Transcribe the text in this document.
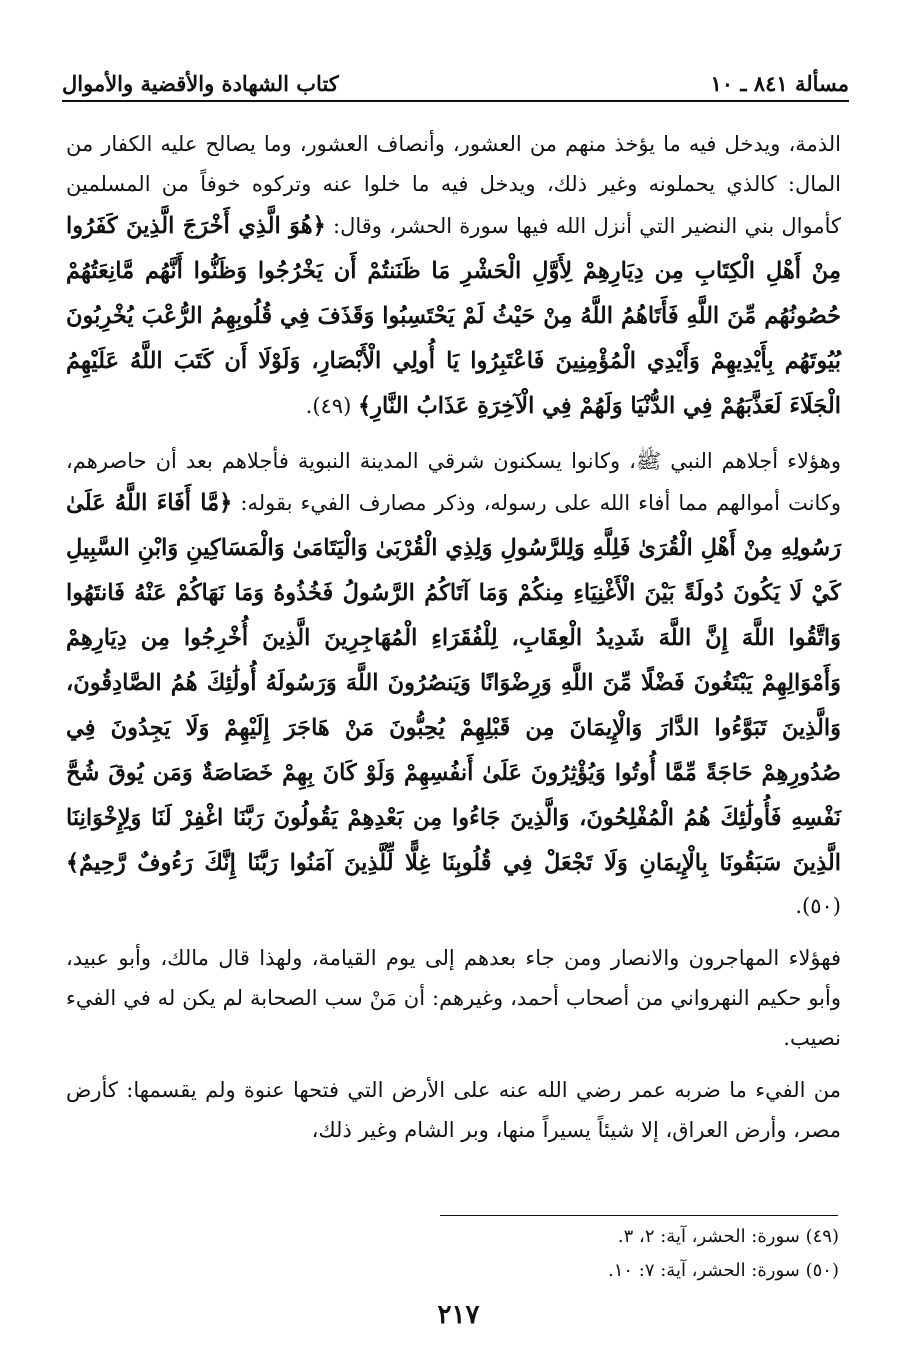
مسألة ٨٤١ ـ ١٠
كتاب الشهادة والأقضية والأموال

الذمة، ويدخل فيه ما يؤخذ منهم من العشور، وأنصاف العشور، وما يصالح عليه الكفار من المال: كالذي يحملونه وغير ذلك، ويدخل فيه ما خلوا عنه وتركوه خوفاً من المسلمين كأموال بني النضير التي أنزل الله فيها سورة الحشر، وقال: ﴿هُوَ الَّذِي أَخْرَجَ الَّذِينَ كَفَرُوا مِنْ أَهْلِ الْكِتَابِ مِن دِيَارِهِمْ لِأَوَّلِ الْحَشْرِ مَا ظَنَنتُمْ أَن يَخْرُجُوا وَظَنُّوا أَنَّهُم مَّانِعَتُهُمْ حُصُونُهُم مِّنَ اللَّهِ فَأَتَاهُمُ اللَّهُ مِنْ حَيْثُ لَمْ يَحْتَسِبُوا وَقَذَفَ فِي قُلُوبِهِمُ الرُّعْبَ يُخْرِبُونَ بُيُوتَهُم بِأَيْدِيهِمْ وَأَيْدِي الْمُؤْمِنِينَ فَاعْتَبِرُوا يَا أُولِي الْأَبْصَارِ، وَلَوْلَا أَن كَتَبَ اللَّهُ عَلَيْهِمُ الْجَلَاءَ لَعَذَّبَهُمْ فِي الدُّنْيَا وَلَهُمْ فِي الْآخِرَةِ عَذَابُ النَّارِ﴾ (٤٩).

وهؤلاء أجلاهم النبي ﷺ، وكانوا يسكنون شرقي المدينة النبوية فأجلاهم بعد أن حاصرهم، وكانت أموالهم مما أفاء الله على رسوله، وذكر مصارف الفيء بقوله: ﴿مَّا أَفَاءَ اللَّهُ عَلَىٰ رَسُولِهِ مِنْ أَهْلِ الْقُرَىٰ فَلِلَّهِ وَلِلرَّسُولِ وَلِذِي الْقُرْبَىٰ وَالْيَتَامَىٰ وَالْمَسَاكِينِ وَابْنِ السَّبِيلِ كَيْ لَا يَكُونَ دُولَةً بَيْنَ الْأَغْنِيَاءِ مِنكُمْ وَمَا آتَاكُمُ الرَّسُولُ فَخُذُوهُ وَمَا نَهَاكُمْ عَنْهُ فَانتَهُوا وَاتَّقُوا اللَّهَ إِنَّ اللَّهَ شَدِيدُ الْعِقَابِ، لِلْفُقَرَاءِ الْمُهَاجِرِينَ الَّذِينَ أُخْرِجُوا مِن دِيَارِهِمْ وَأَمْوَالِهِمْ يَبْتَغُونَ فَضْلًا مِّنَ اللَّهِ وَرِضْوَانًا وَيَنصُرُونَ اللَّهَ وَرَسُولَهُ أُولَٰئِكَ هُمُ الصَّادِقُونَ، وَالَّذِينَ تَبَوَّءُوا الدَّارَ وَالْإِيمَانَ مِن قَبْلِهِمْ يُحِبُّونَ مَنْ هَاجَرَ إِلَيْهِمْ وَلَا يَجِدُونَ فِي صُدُورِهِمْ حَاجَةً مِّمَّا أُوتُوا وَيُؤْثِرُونَ عَلَىٰ أَنفُسِهِمْ وَلَوْ كَانَ بِهِمْ خَصَاصَةٌ وَمَن يُوقَ شُحَّ نَفْسِهِ فَأُولَٰئِكَ هُمُ الْمُفْلِحُونَ، وَالَّذِينَ جَاءُوا مِن بَعْدِهِمْ يَقُولُونَ رَبَّنَا اغْفِرْ لَنَا وَلِإِخْوَانِنَا الَّذِينَ سَبَقُونَا بِالْإِيمَانِ وَلَا تَجْعَلْ فِي قُلُوبِنَا غِلًّا لِّلَّذِينَ آمَنُوا رَبَّنَا إِنَّكَ رَءُوفٌ رَّحِيمٌ﴾ (٥٠).

فهؤلاء المهاجرون والانصار ومن جاء بعدهم إلى يوم القيامة، ولهذا قال مالك، وأبو عبيد، وأبو حكيم النهرواني من أصحاب أحمد، وغيرهم: أن مَنْ سب الصحابة لم يكن له في الفيء نصيب.

من الفيء ما ضربه عمر رضي الله عنه على الأرض التي فتحها عنوة ولم يقسمها: كأرض مصر، وأرض العراق، إلا شيئاً يسيراً منها، وبر الشام وغير ذلك،

(٤٩) سورة: الحشر، آية: ٢، ٣.
(٥٠) سورة: الحشر، آية: ٧: ١٠.
٢١٧
